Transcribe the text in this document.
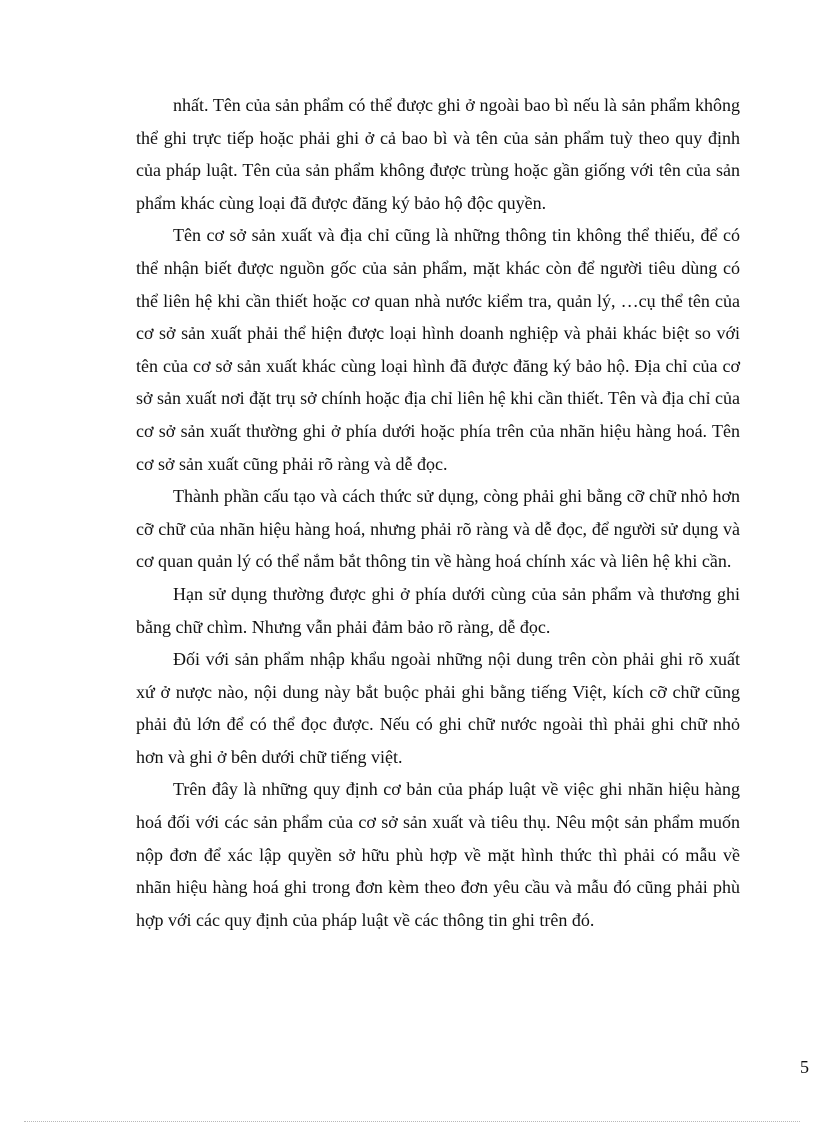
nhất. Tên của sản phẩm có thể được ghi ở ngoài bao bì nếu là sản phẩm không thể ghi trực tiếp hoặc phải ghi ở cả bao bì và tên của sản phẩm tuỳ theo quy định của pháp luật. Tên của sản phẩm không được trùng hoặc gần giống với tên của sản phẩm khác cùng loại đã được đăng ký bảo hộ độc quyền.

Tên cơ sở sản xuất và địa chỉ cũng là những thông tin không thể thiếu, để có thể nhận biết được nguồn gốc của sản phẩm, mặt khác còn để người tiêu dùng có thể liên hệ khi cần thiết hoặc cơ quan nhà nước kiểm tra, quản lý, …cụ thể tên của cơ sở sản xuất phải thể hiện được loại hình doanh nghiệp và phải khác biệt so với tên của cơ sở sản xuất khác cùng loại hình đã được đăng ký bảo hộ. Địa chỉ của cơ sở sản xuất nơi đặt trụ sở chính hoặc địa chỉ liên hệ khi cần thiết. Tên và địa chỉ của cơ sở sản xuất thường ghi ở phía dưới hoặc phía trên của nhãn hiệu hàng hoá. Tên cơ sở sản xuất cũng phải rõ ràng và dễ đọc.

Thành phần cấu tạo và cách thức sử dụng, còng phải ghi bằng cỡ chữ nhỏ hơn cỡ chữ của nhãn hiệu hàng hoá, nhưng phải rõ ràng và dễ đọc, để người sử dụng và cơ quan quản lý có thể nắm bắt thông tin về hàng hoá chính xác và liên hệ khi cần.

Hạn sử dụng thường được ghi ở phía dưới cùng của sản phẩm và thương ghi bằng chữ chìm. Nhưng vẫn phải đảm bảo rõ ràng, dễ đọc.

Đối với sản phẩm nhập khẩu ngoài những nội dung trên còn phải ghi rõ xuất xứ ở nược nào, nội dung này bắt buộc phải ghi bằng tiếng Việt, kích cỡ chữ cũng phải đủ lớn để có thể đọc được. Nếu có ghi chữ nước ngoài thì phải ghi chữ nhỏ hơn và ghi ở bên dưới chữ tiếng việt.

Trên đây là những quy định cơ bản của pháp luật về việc ghi nhãn hiệu hàng hoá đối với các sản phẩm của cơ sở sản xuất và tiêu thụ. Nêu một sản phẩm muốn nộp đơn để xác lập quyền sở hữu phù hợp về mặt hình thức thì phải có mẫu về nhãn hiệu hàng hoá ghi trong đơn kèm theo đơn yêu cầu và mẫu đó cũng phải phù hợp với các quy định của pháp luật về các thông tin ghi trên đó.

5
